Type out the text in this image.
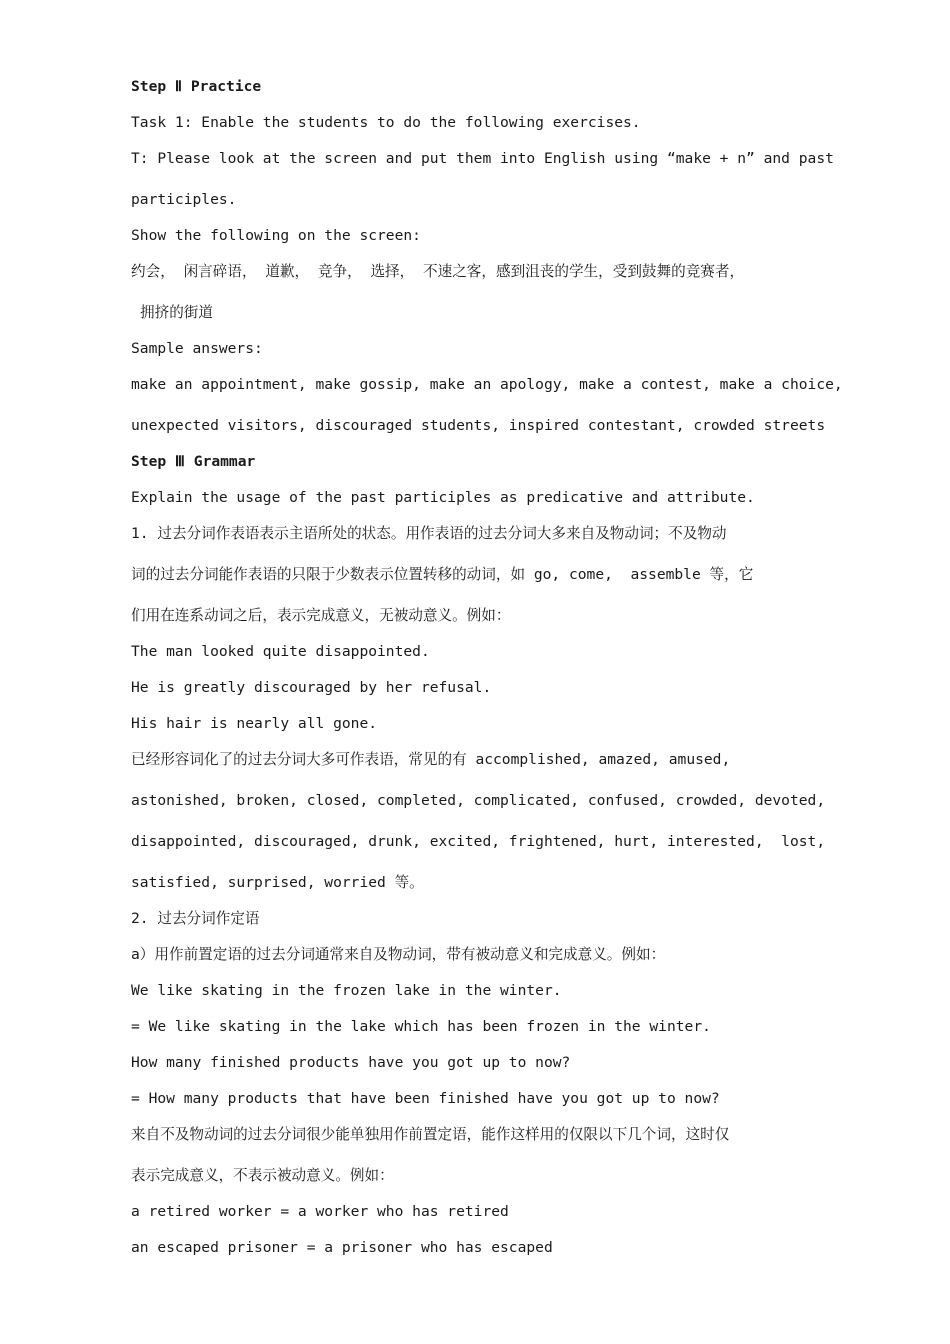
Step Ⅱ Practice

Task 1: Enable the students to do the following exercises.

T: Please look at the screen and put them into English using “make + n” and past

participles.

Show the following on the screen:

约会， 闲言碎语， 道歉， 竞争， 选择， 不速之客，感到沮丧的学生，受到鼓舞的竞赛者，

拥挤的街道

Sample answers:

make an appointment, make gossip, make an apology, make a contest, make a choice,

unexpected visitors, discouraged students, inspired contestant, crowded streets

Step Ⅲ Grammar

Explain the usage of the past participles as predicative and attribute.

1. 过去分词作表语表示主语所处的状态。用作表语的过去分词大多来自及物动词；不及物动

词的过去分词能作表语的只限于少数表示位置转移的动词，如 go, come,  assemble 等，它

们用在连系动词之后，表示完成意义，无被动意义。例如：

The man looked quite disappointed.

He is greatly discouraged by her refusal.

His hair is nearly all gone.

已经形容词化了的过去分词大多可作表语，常见的有 accomplished, amazed, amused,

astonished, broken, closed, completed, complicated, confused, crowded, devoted,

disappointed, discouraged, drunk, excited, frightened, hurt, interested,  lost,

satisfied, surprised, worried 等。

2. 过去分词作定语

a）用作前置定语的过去分词通常来自及物动词，带有被动意义和完成意义。例如：

We like skating in the frozen lake in the winter.

= We like skating in the lake which has been frozen in the winter.

How many finished products have you got up to now?

= How many products that have been finished have you got up to now?

来自不及物动词的过去分词很少能单独用作前置定语，能作这样用的仅限以下几个词，这时仅

表示完成意义，不表示被动意义。例如：

a retired worker = a worker who has retired

an escaped prisoner = a prisoner who has escaped
